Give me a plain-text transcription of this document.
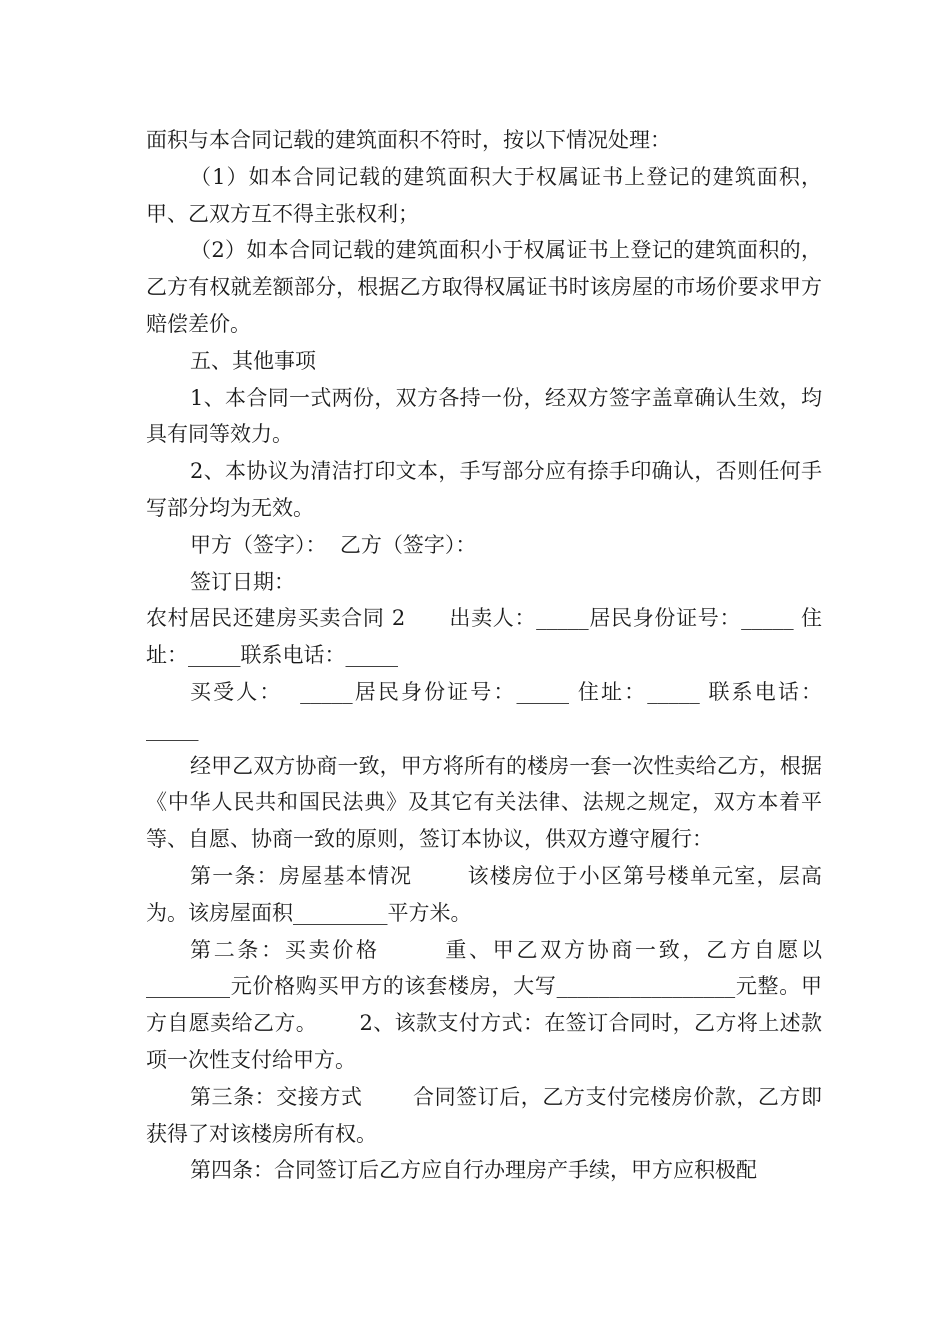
面积与本合同记载的建筑面积不符时，按以下情况处理：

（1）如本合同记载的建筑面积大于权属证书上登记的建筑面积，甲、乙双方互不得主张权利；

（2）如本合同记载的建筑面积小于权属证书上登记的建筑面积的，乙方有权就差额部分，根据乙方取得权属证书时该房屋的市场价要求甲方赔偿差价。

五、其他事项

1、本合同一式两份，双方各持一份，经双方签字盖章确认生效，均具有同等效力。

2、本协议为清洁打印文本，手写部分应有捺手印确认，否则任何手写部分均为无效。

甲方（签字）：  乙方（签字）：

签订日期：

农村居民还建房买卖合同 2      出卖人：_____居民身份证号：_____ 住址：_____联系电话：_____

买受人：  _____居民身份证号：_____ 住址：_____ 联系电话：_____

经甲乙双方协商一致，甲方将所有的楼房一套一次性卖给乙方，根据《中华人民共和国民法典》及其它有关法律、法规之规定，双方本着平等、自愿、协商一致的原则，签订本协议，供双方遵守履行：

第一条：房屋基本情况       该楼房位于小区第号楼单元室，层高为。该房屋面积_________平方米。

第二条：买卖价格       重、甲乙双方协商一致，乙方自愿以________元价格购买甲方的该套楼房，大写_________________元整。甲方自愿卖给乙方。      2、该款支付方式：在签订合同时，乙方将上述款项一次性支付给甲方。

第三条：交接方式       合同签订后，乙方支付完楼房价款，乙方即获得了对该楼房所有权。

第四条：合同签订后乙方应自行办理房产手续，甲方应积极配
